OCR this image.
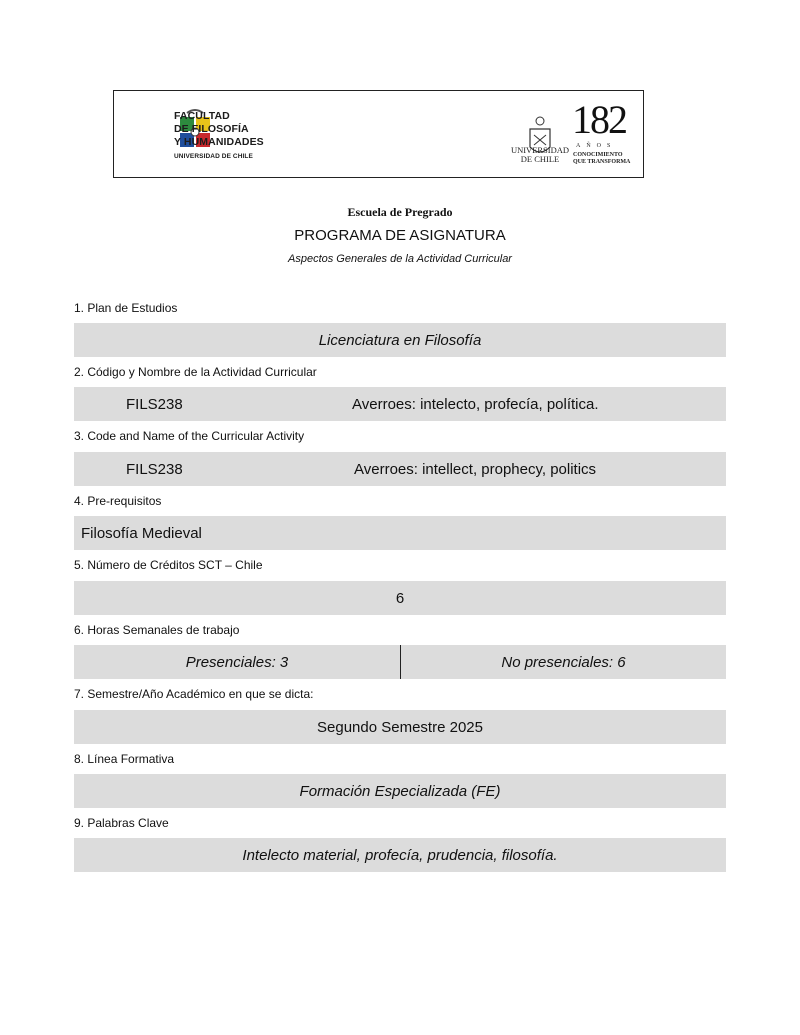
FACULTAD
DE FILOSOFÍA
Y HUMANIDADES
UNIVERSIDAD DE CHILE
UNIVERSIDAD
DE CHILE
182
AÑOS
CONOCIMIENTO
QUE TRANSFORMA
Escuela de Pregrado
PROGRAMA DE ASIGNATURA
Aspectos Generales de la Actividad Curricular
1. Plan de Estudios
Licenciatura en Filosofía
2. Código y Nombre de la Actividad Curricular
FILS238	Averroes: intelecto, profecía, política.
3. Code and Name of the Curricular Activity
FILS238	Averroes: intellect, prophecy, politics
4. Pre-requisitos
Filosofía Medieval
5. Número de Créditos SCT – Chile
6
6. Horas Semanales de trabajo
Presenciales: 3	No presenciales: 6
7. Semestre/Año Académico en que se dicta:
Segundo Semestre 2025
8. Línea Formativa
Formación Especializada (FE)
9. Palabras Clave
Intelecto material, profecía, prudencia, filosofía.
